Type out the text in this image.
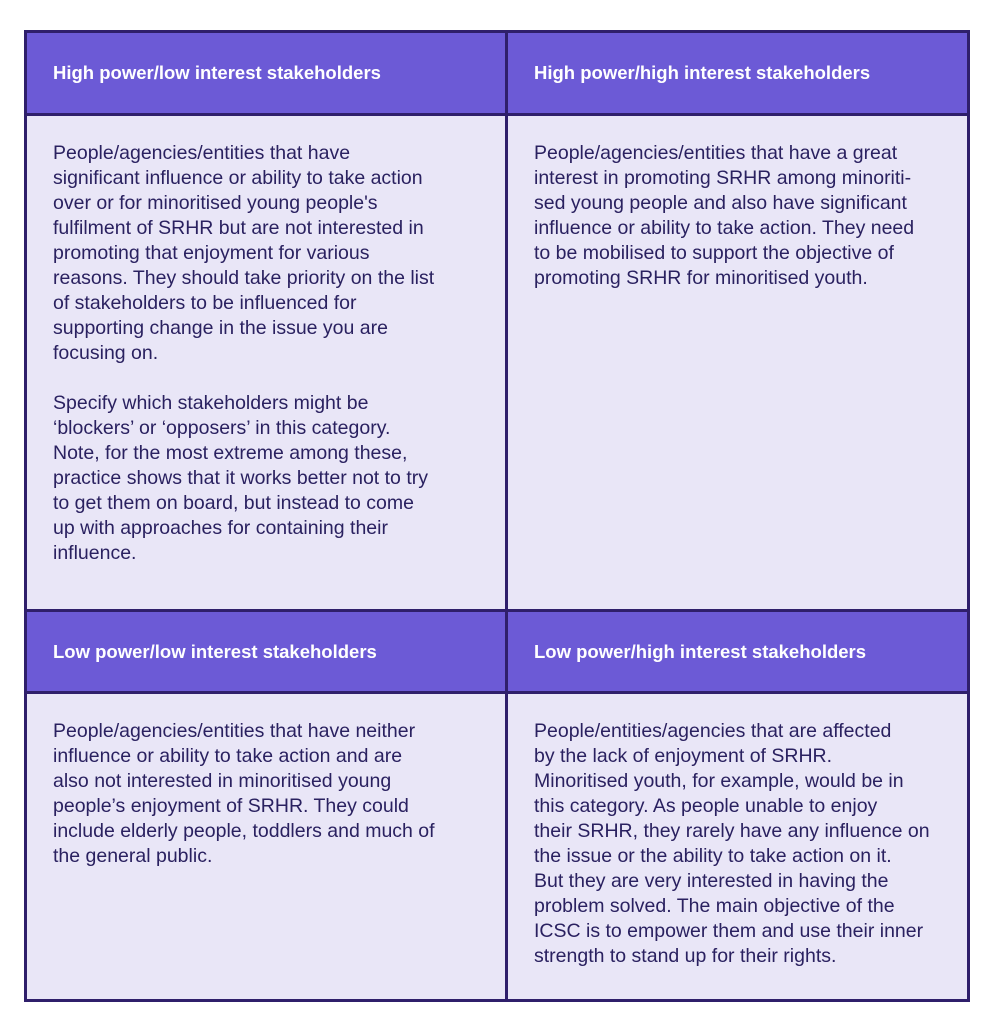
High power/low interest stakeholders	High power/high interest stakeholders

People/agencies/entities that have
significant influence or ability to take action
over or for minoritised young people's
fulfilment of SRHR but are not interested in
promoting that enjoyment for various
reasons. They should take priority on the list
of stakeholders to be influenced for
supporting change in the issue you are
focusing on.

Specify which stakeholders might be
‘blockers’ or ‘opposers’ in this category.
Note, for the most extreme among these,
practice shows that it works better not to try
to get them on board, but instead to come
up with approaches for containing their
influence.

People/agencies/entities that have a great
interest in promoting SRHR among minoriti-
sed young people and also have significant
influence or ability to take action. They need
to be mobilised to support the objective of
promoting SRHR for minoritised youth.

Low power/low interest stakeholders	Low power/high interest stakeholders

People/agencies/entities that have neither
influence or ability to take action and are
also not interested in minoritised young
people’s enjoyment of SRHR. They could
include elderly people, toddlers and much of
the general public.

People/entities/agencies that are affected
by the lack of enjoyment of SRHR.
Minoritised youth, for example, would be in
this category. As people unable to enjoy
their SRHR, they rarely have any influence on
the issue or the ability to take action on it.
But they are very interested in having the
problem solved. The main objective of the
ICSC is to empower them and use their inner
strength to stand up for their rights.
